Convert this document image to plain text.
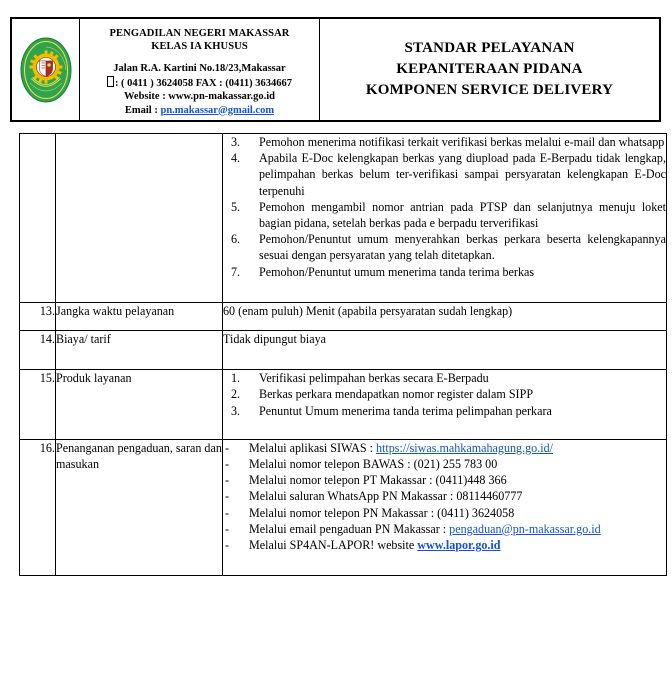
PENGADILAN NEGERI MAKASSAR KELAS IA KHUSUS
Jalan R.A. Kartini No.18/23,Makassar
: ( 0411 ) 3624058 FAX : (0411) 3634667
Website : www.pn-makassar.go.id
Email : pn.makassar@gmail.com
STANDAR PELAYANAN
KEPANITERAAN PIDANA
KOMPONEN SERVICE DELIVERY

3. Pemohon menerima notifikasi terkait verifikasi berkas melalui e-mail dan whatsapp
4. Apabila E-Doc kelengkapan berkas yang diupload pada E-Berpadu tidak lengkap, pelimpahan berkas belum ter-verifikasi sampai persyaratan kelengkapan E-Doc terpenuhi
5. Pemohon mengambil nomor antrian pada PTSP dan selanjutnya menuju loket bagian pidana, setelah berkas pada e berpadu terverifikasi
6. Pemohon/Penuntut umum menyerahkan berkas perkara beserta kelengkapannya sesuai dengan persyaratan yang telah ditetapkan.
7. Pemohon/Penuntut umum menerima tanda terima berkas

13.	Jangka waktu pelayanan	60 (enam puluh) Menit (apabila persyaratan sudah lengkap)

14.	Biaya/ tarif	Tidak dipungut biaya

15.	Produk layanan	1. Verifikasi pelimpahan berkas secara E-Berpadu
2. Berkas perkara mendapatkan nomor register dalam SIPP
3. Penuntut Umum menerima tanda terima pelimpahan perkara

16.	Penanganan pengaduan, saran dan masukan	
- Melalui aplikasi SIWAS : https://siwas.mahkamahagung.go.id/
- Melalui nomor telepon BAWAS : (021) 255 783 00
- Melalui nomor telepon PT Makassar : (0411)448 366
- Melalui saluran WhatsApp PN Makassar : 08114460777
- Melalui nomor telepon PN Makassar : (0411) 3624058
- Melalui email pengaduan PN Makassar : pengaduan@pn-makassar.go.id
- Melalui SP4AN-LAPOR! website www.lapor.go.id
